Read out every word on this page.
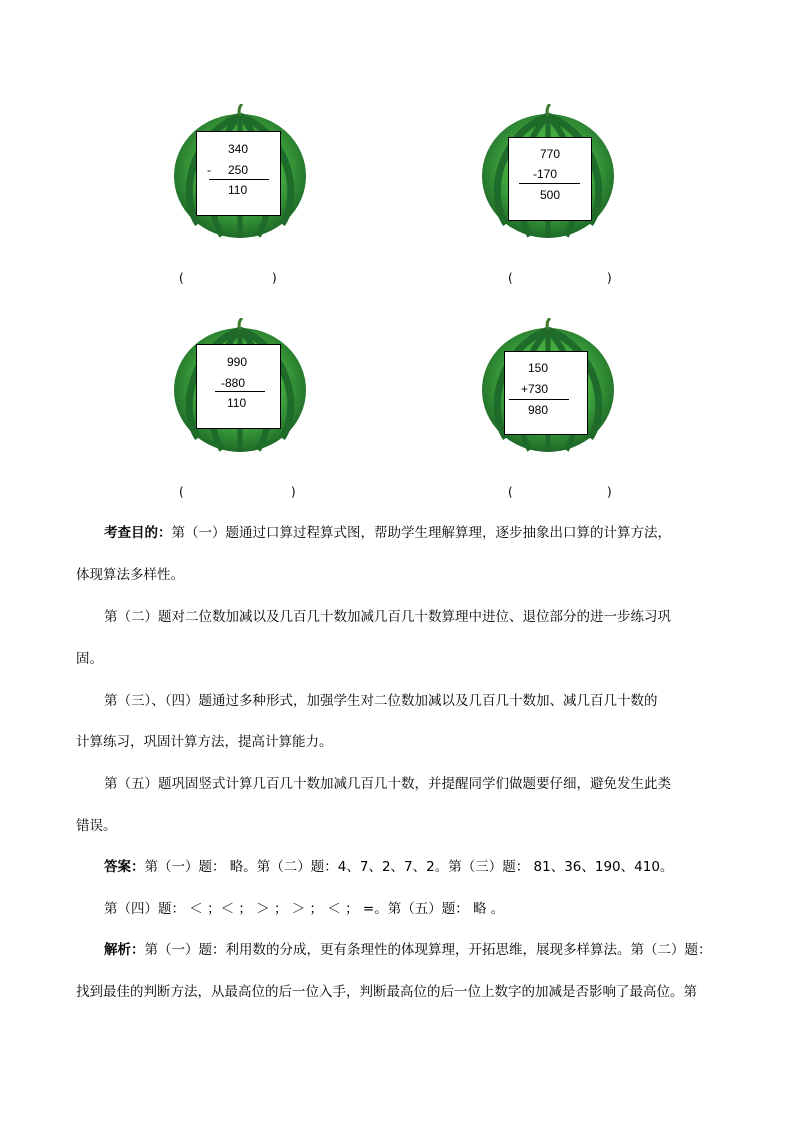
340
- 250
110
770
-170
500
990
-880
110
150
+730
980
(	)	(	)
(	)	(	)
考查目的：第（一）题通过口算过程算式图，帮助学生理解算理，逐步抽象出口算的计算方法，
体现算法多样性。
第（二）题对二位数加减以及几百几十数加减几百几十数算理中进位、退位部分的进一步练习巩
固。
第（三）、（四）题通过多种形式，加强学生对二位数加减以及几百几十数加、减几百几十数的
计算练习，巩固计算方法，提高计算能力。
第（五）题巩固竖式计算几百几十数加减几百几十数，并提醒同学们做题要仔细，避免发生此类
错误。
答案：第（一）题： 略。第（二）题：4、7、2、7、2。第（三）题： 81、36、190、410。
第（四）题： ＜ ；＜ ； ＞ ； ＞ ； ＜ ； =。第（五）题： 略 。
解析：第（一）题：利用数的分成，更有条理性的体现算理，开拓思维，展现多样算法。第（二）题：
找到最佳的判断方法，从最高位的后一位入手，判断最高位的后一位上数字的加减是否影响了最高位。第
